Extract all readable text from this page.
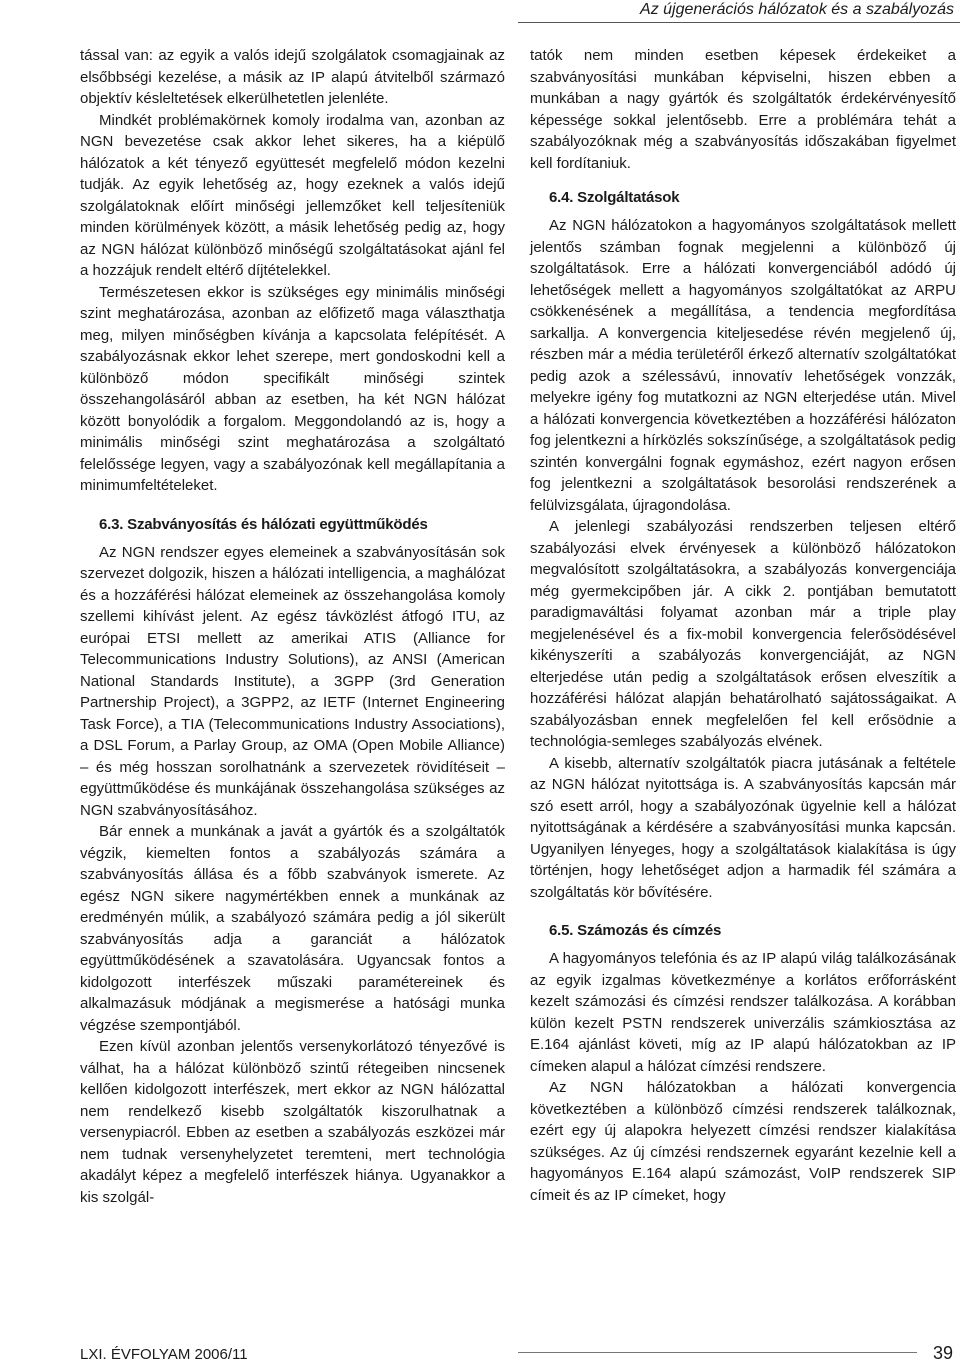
Az újgenerációs hálózatok és a szabályozás

tással van: az egyik a valós idejű szolgálatok csomagjainak az elsőbbségi kezelése, a másik az IP alapú átvitelből származó objektív késleltetések elkerülhetetlen jelenléte.

Mindkét problémakörnek komoly irodalma van, azonban az NGN bevezetése csak akkor lehet sikeres, ha a kiépülő hálózatok a két tényező együttesét megfelelő módon kezelni tudják. Az egyik lehetőség az, hogy ezeknek a valós idejű szolgálatoknak előírt minőségi jellemzőket kell teljesíteniük minden körülmények között, a másik lehetőség pedig az, hogy az NGN hálózat különböző minőségű szolgáltatásokat ajánl fel a hozzájuk rendelt eltérő díjtételekkel.

Természetesen ekkor is szükséges egy minimális minőségi szint meghatározása, azonban az előfizető maga választhatja meg, milyen minőségben kívánja a kapcsolata felépítését. A szabályozásnak ekkor lehet szerepe, mert gondoskodni kell a különböző módon specifikált minőségi szintek összehangolásáról abban az esetben, ha két NGN hálózat között bonyolódik a forgalom. Meggondolandó az is, hogy a minimális minőségi szint meghatározása a szolgáltató felelőssége legyen, vagy a szabályozónak kell megállapítania a minimumfeltételeket.

6.3. Szabványosítás és hálózati együttműködés

Az NGN rendszer egyes elemeinek a szabványosításán sok szervezet dolgozik, hiszen a hálózati intelligencia, a maghálózat és a hozzáférési hálózat elemeinek az összehangolása komoly szellemi kihívást jelent. Az egész távközlést átfogó ITU, az európai ETSI mellett az amerikai ATIS (Alliance for Telecommunications Industry Solutions), az ANSI (American National Standards Institute), a 3GPP (3rd Generation Partnership Project), a 3GPP2, az IETF (Internet Engineering Task Force), a TIA (Telecommunications Industry Associations), a DSL Forum, a Parlay Group, az OMA (Open Mobile Alliance) – és még hosszan sorolhatnánk a szervezetek rövidítéseit – együttműködése és munkájának összehangolása szükséges az NGN szabványosításához.

Bár ennek a munkának a javát a gyártók és a szolgáltatók végzik, kiemelten fontos a szabályozás számára a szabványosítás állása és a főbb szabványok ismerete. Az egész NGN sikere nagymértékben ennek a munkának az eredményén múlik, a szabályozó számára pedig a jól sikerült szabványosítás adja a garanciát a hálózatok együttműködésének a szavatolására. Ugyancsak fontos a kidolgozott interfészek műszaki paramétereinek és alkalmazásuk módjának a megismerése a hatósági munka végzése szempontjából.

Ezen kívül azonban jelentős versenykorlátozó tényezővé is válhat, ha a hálózat különböző szintű rétegeiben nincsenek kellően kidolgozott interfészek, mert ekkor az NGN hálózattal nem rendelkező kisebb szolgáltatók kiszorulhatnak a versenypiacról. Ebben az esetben a szabályozás eszközei már nem tudnak versenyhelyzetet teremteni, mert technológia akadályt képez a megfelelő interfészek hiánya. Ugyanakkor a kis szolgál-

tatók nem minden esetben képesek érdekeiket a szabványosítási munkában képviselni, hiszen ebben a munkában a nagy gyártók és szolgáltatók érdekérvényesítő képessége sokkal jelentősebb. Erre a problémára tehát a szabályozóknak még a szabványosítás időszakában figyelmet kell fordítaniuk.

6.4. Szolgáltatások

Az NGN hálózatokon a hagyományos szolgáltatások mellett jelentős számban fognak megjelenni a különböző új szolgáltatások. Erre a hálózati konvergenciából adódó új lehetőségek mellett a hagyományos szolgáltatókat az ARPU csökkenésének a megállítása, a tendencia megfordítása sarkallja. A konvergencia kiteljesedése révén megjelenő új, részben már a média területéről érkező alternatív szolgáltatókat pedig azok a szélessávú, innovatív lehetőségek vonzzák, melyekre igény fog mutatkozni az NGN elterjedése után. Mivel a hálózati konvergencia következtében a hozzáférési hálózaton fog jelentkezni a hírközlés sokszínűsége, a szolgáltatások pedig szintén konvergálni fognak egymáshoz, ezért nagyon erősen fog jelentkezni a szolgáltatások besorolási rendszerének a felülvizsgálata, újragondolása.

A jelenlegi szabályozási rendszerben teljesen eltérő szabályozási elvek érvényesek a különböző hálózatokon megvalósított szolgáltatásokra, a szabályozás konvergenciája még gyermekcipőben jár. A cikk 2. pontjában bemutatott paradigmaváltási folyamat azonban már a triple play megjelenésével és a fix-mobil konvergencia felerősödésével kikényszeríti a szabályozás konvergenciáját, az NGN elterjedése után pedig a szolgáltatások erősen elveszítik a hozzáférési hálózat alapján behatárolható sajátosságaikat. A szabályozásban ennek megfelelően fel kell erősödnie a technológia-semleges szabályozás elvének.

A kisebb, alternatív szolgáltatók piacra jutásának a feltétele az NGN hálózat nyitottsága is. A szabványosítás kapcsán már szó esett arról, hogy a szabályozónak ügyelnie kell a hálózat nyitottságának a kérdésére a szabványosítási munka kapcsán. Ugyanilyen lényeges, hogy a szolgáltatások kialakítása is úgy történjen, hogy lehetőséget adjon a harmadik fél számára a szolgáltatás kör bővítésére.

6.5. Számozás és címzés

A hagyományos telefónia és az IP alapú világ találkozásának az egyik izgalmas következménye a korlátos erőforrásként kezelt számozási és címzési rendszer találkozása. A korábban külön kezelt PSTN rendszerek univerzális számkiosztása az E.164 ajánlást követi, míg az IP alapú hálózatokban az IP címeken alapul a hálózat címzési rendszere.

Az NGN hálózatokban a hálózati konvergencia következtében a különböző címzési rendszerek találkoznak, ezért egy új alapokra helyezett címzési rendszer kialakítása szükséges. Az új címzési rendszernek egyaránt kezelnie kell a hagyományos E.164 alapú számozást, VoIP rendszerek SIP címeit és az IP címeket, hogy

LXI. ÉVFOLYAM 2006/11	39
